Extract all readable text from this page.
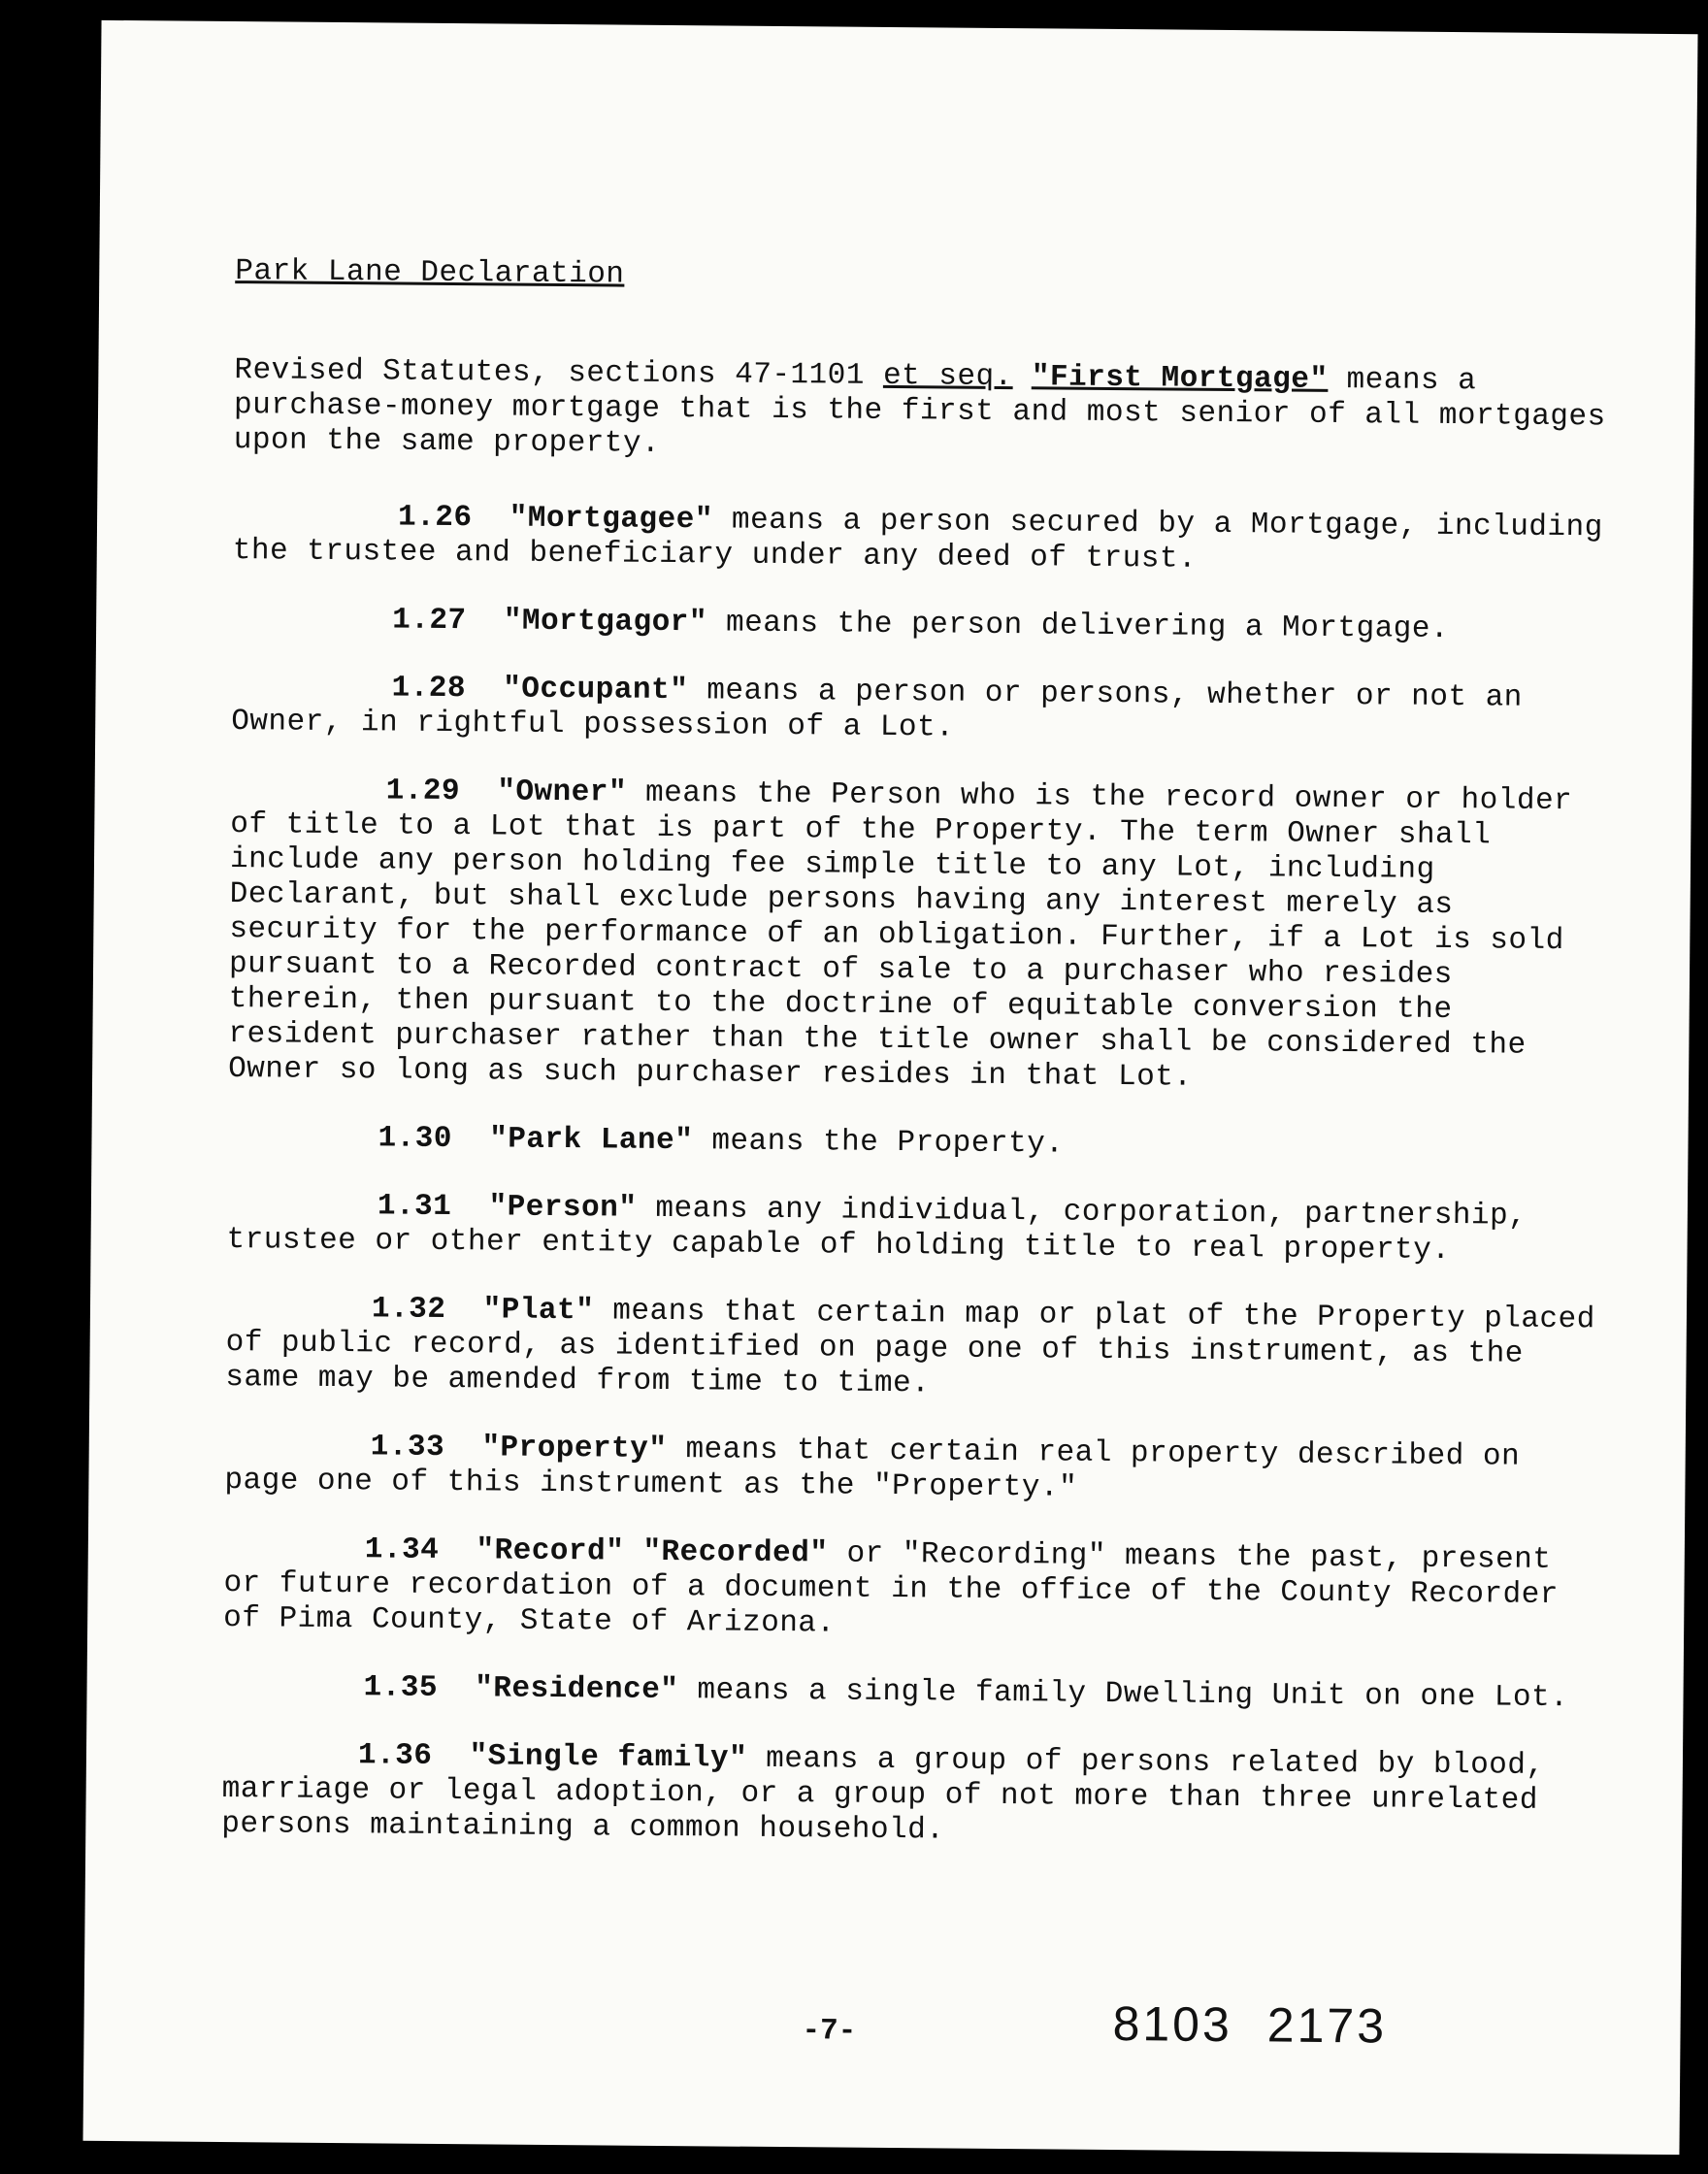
Park Lane Declaration

Revised Statutes, sections 47-1101 et seq. "First Mortgage" means a purchase-money mortgage that is the first and most senior of all mortgages upon the same property.

1.26 "Mortgagee" means a person secured by a Mortgage, including the trustee and beneficiary under any deed of trust.

1.27 "Mortgagor" means the person delivering a Mortgage.

1.28 "Occupant" means a person or persons, whether or not an Owner, in rightful possession of a Lot.

1.29 "Owner" means the Person who is the record owner or holder of title to a Lot that is part of the Property. The term Owner shall include any person holding fee simple title to any Lot, including Declarant, but shall exclude persons having any interest merely as security for the performance of an obligation. Further, if a Lot is sold pursuant to a Recorded contract of sale to a purchaser who resides therein, then pursuant to the doctrine of equitable conversion the resident purchaser rather than the title owner shall be considered the Owner so long as such purchaser resides in that Lot.

1.30 "Park Lane" means the Property.

1.31 "Person" means any individual, corporation, partnership, trustee or other entity capable of holding title to real property.

1.32 "Plat" means that certain map or plat of the Property placed of public record, as identified on page one of this instrument, as the same may be amended from time to time.

1.33 "Property" means that certain real property described on page one of this instrument as the "Property."

1.34 "Record" "Recorded" or "Recording" means the past, present or future recordation of a document in the office of the County Recorder of Pima County, State of Arizona.

1.35 "Residence" means a single family Dwelling Unit on one Lot.

1.36 "Single family" means a group of persons related by blood, marriage or legal adoption, or a group of not more than three unrelated persons maintaining a common household.

-7-	8103 2173
